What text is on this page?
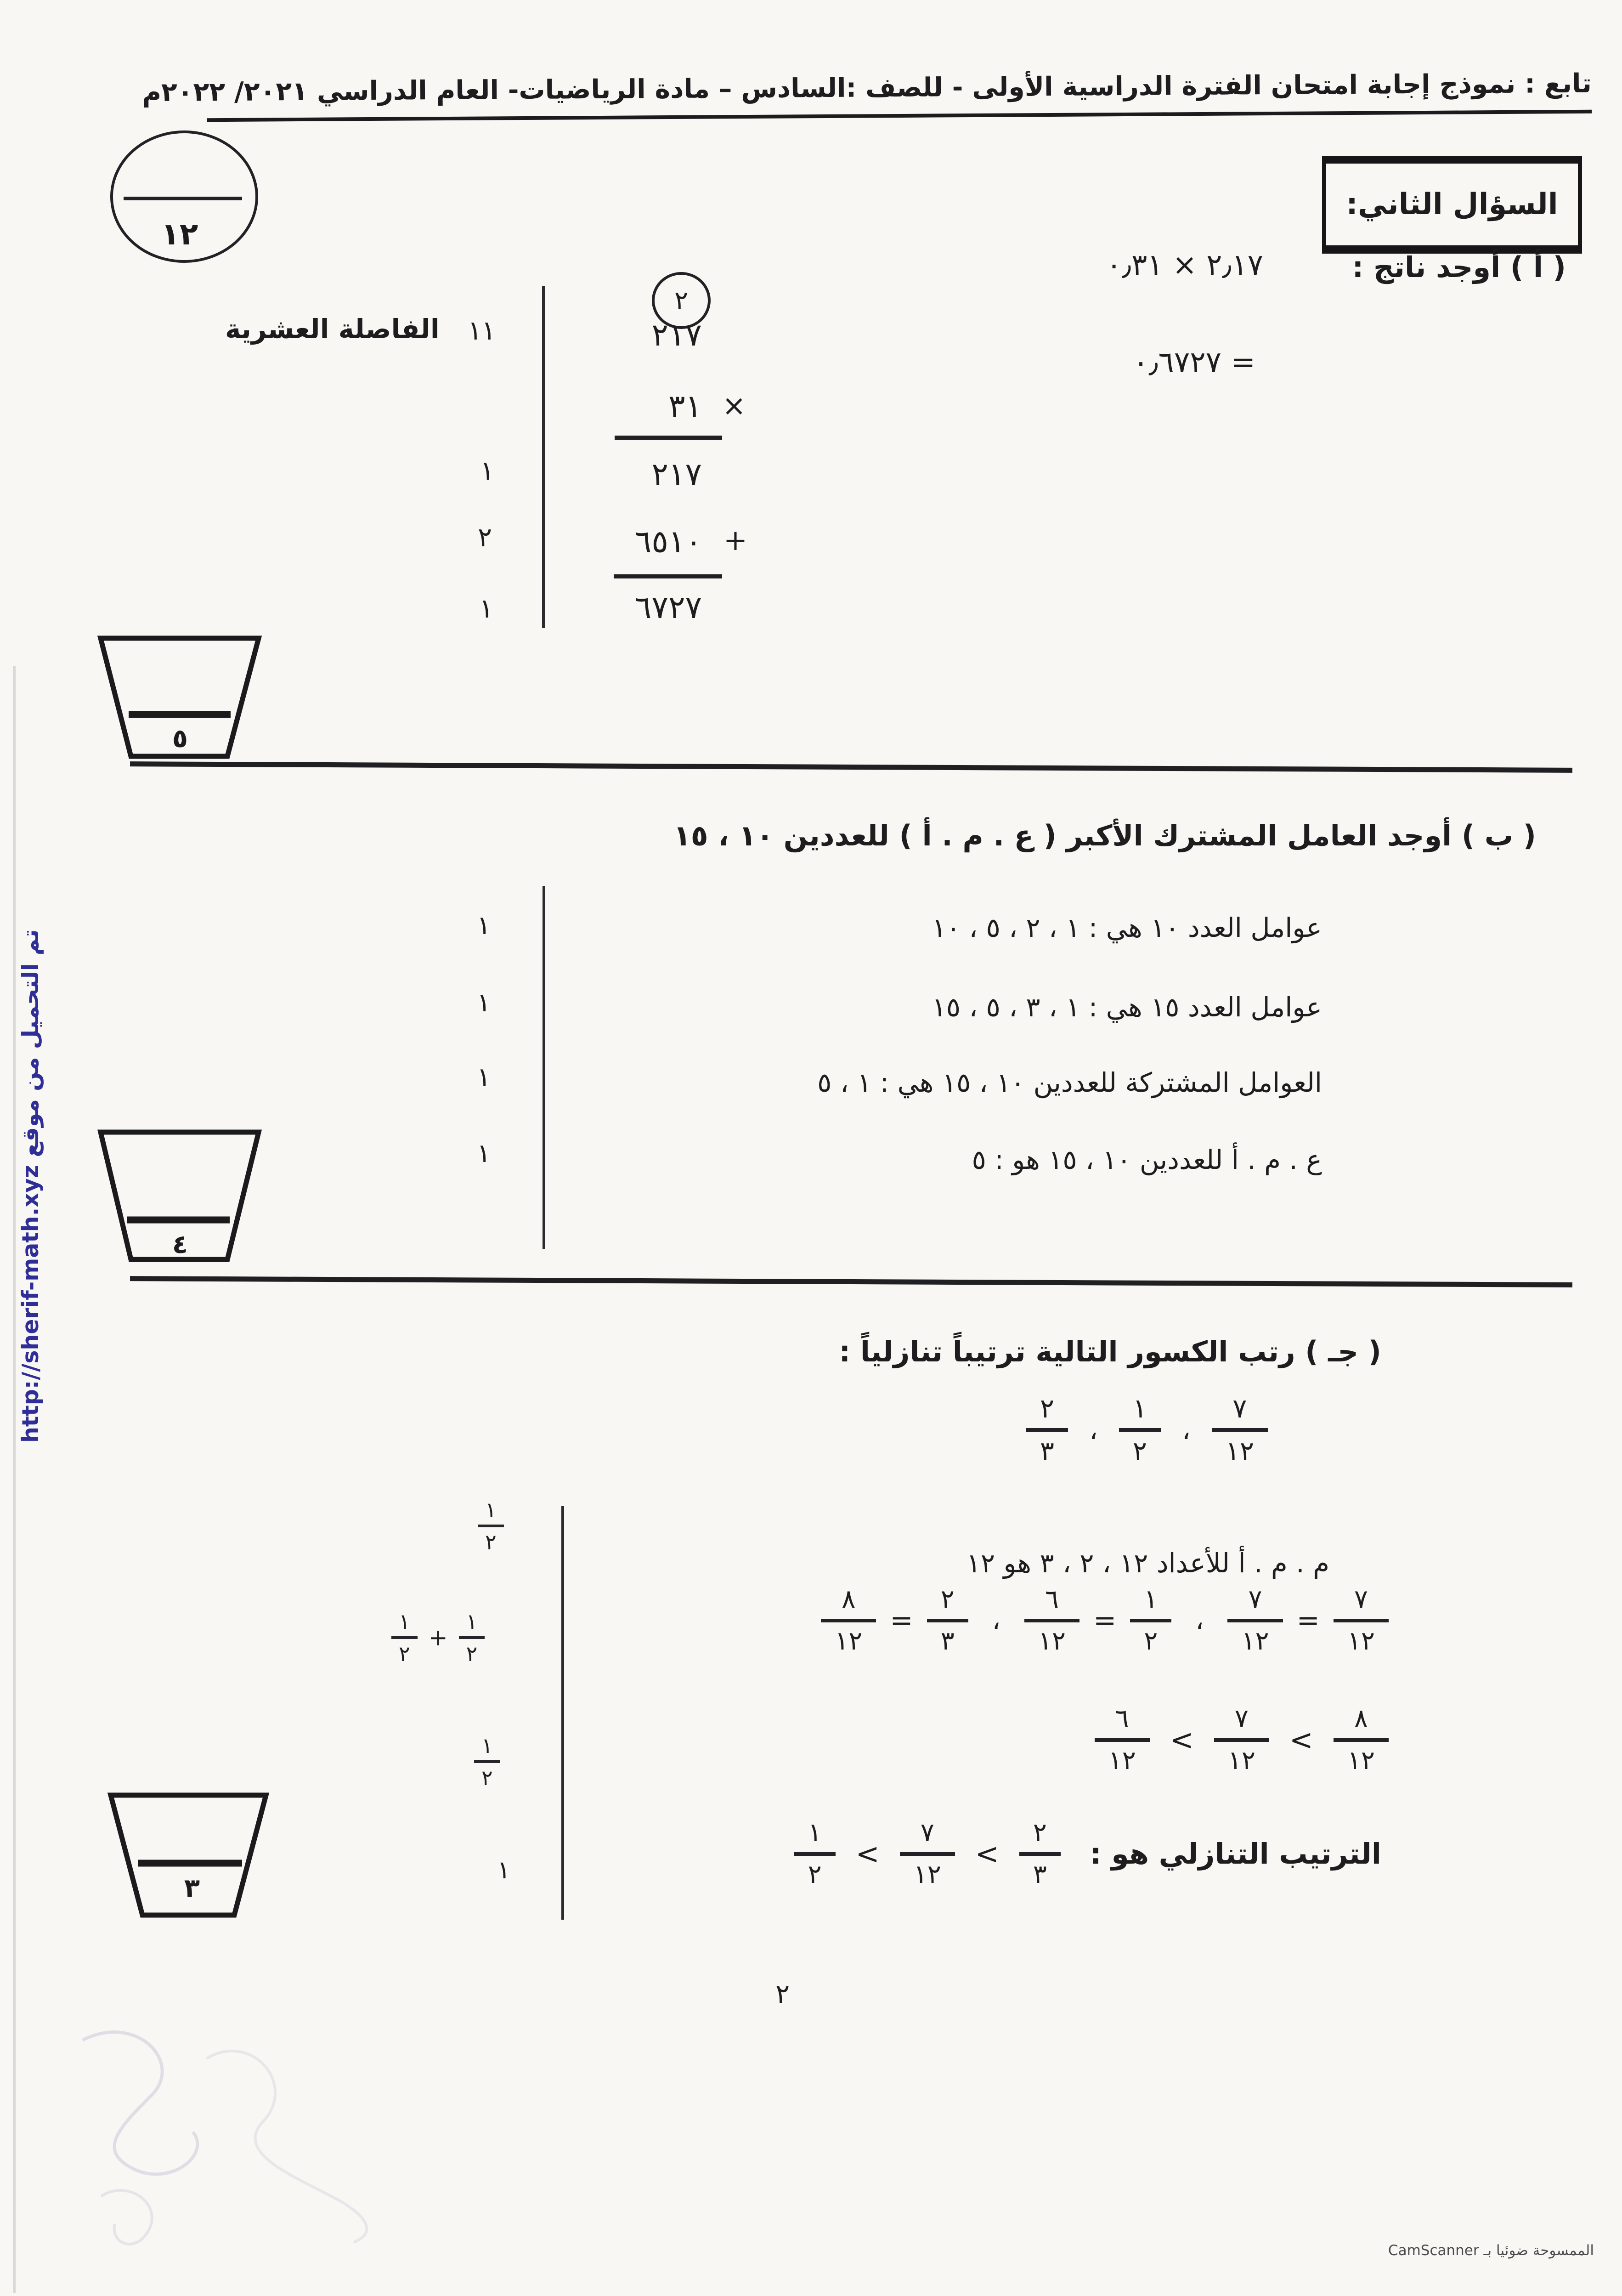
تابع : نموذج إجابة امتحان الفترة الدراسية الأولى - للصف :السادس – مادة الرياضيات- العام الدراسي ٢٠٢١/ ٢٠٢٢م
١٢
السؤال الثاني:
( أ ) أوجد ناتج :
٠٫٣١ × ٢٫١٧
٠٫٦٧٢٧ =
٢
٢١٧
٣١ ×
٢١٧
٦٥١٠ +
٦٧٢٧
١
١
٢
١
١
الفاصلة العشرية
٥
( ب ) أوجد العامل المشترك الأكبر ( ع . م . أ ) للعددين ١٠ ، ١٥
عوامل العدد ١٠ هي : ١ ، ٢ ، ٥ ، ١٠
عوامل العدد ١٥ هي : ١ ، ٣ ، ٥ ، ١٥
العوامل المشتركة للعددين ١٠ ، ١٥ هي : ١ ، ٥
ع . م . أ للعددين ١٠ ، ١٥ هو : ٥
١
١
١
١
٤
( جـ ) رتب الكسور التالية ترتيباً تنازلياً :
$\frac{٧}{١٢}$
،
$\frac{١}{٢}$
،
$\frac{٢}{٣}$
م . م . أ للأعداد ١٢ ، ٢ ، ٣ هو ١٢
$\frac{٧}{١٢}$
=
$\frac{٧}{١٢}$
،
$\frac{١}{٢}$
=
$\frac{٦}{١٢}$
،
$\frac{٢}{٣}$
=
$\frac{٨}{١٢}$
$\frac{٨}{١٢}$
<
$\frac{٧}{١٢}$
<
$\frac{٦}{١٢}$
الترتيب التنازلي هو :
$\frac{٢}{٣}$
<
$\frac{٧}{١٢}$
<
$\frac{١}{٢}$
١
٢
$\frac{١}{٢} + \frac{١}{٢}$
١
٢
١
٣
٢
تم التحميل من موقع http://sherif-math.xyz
الممسوحة ضوئيا بـ CamScanner
